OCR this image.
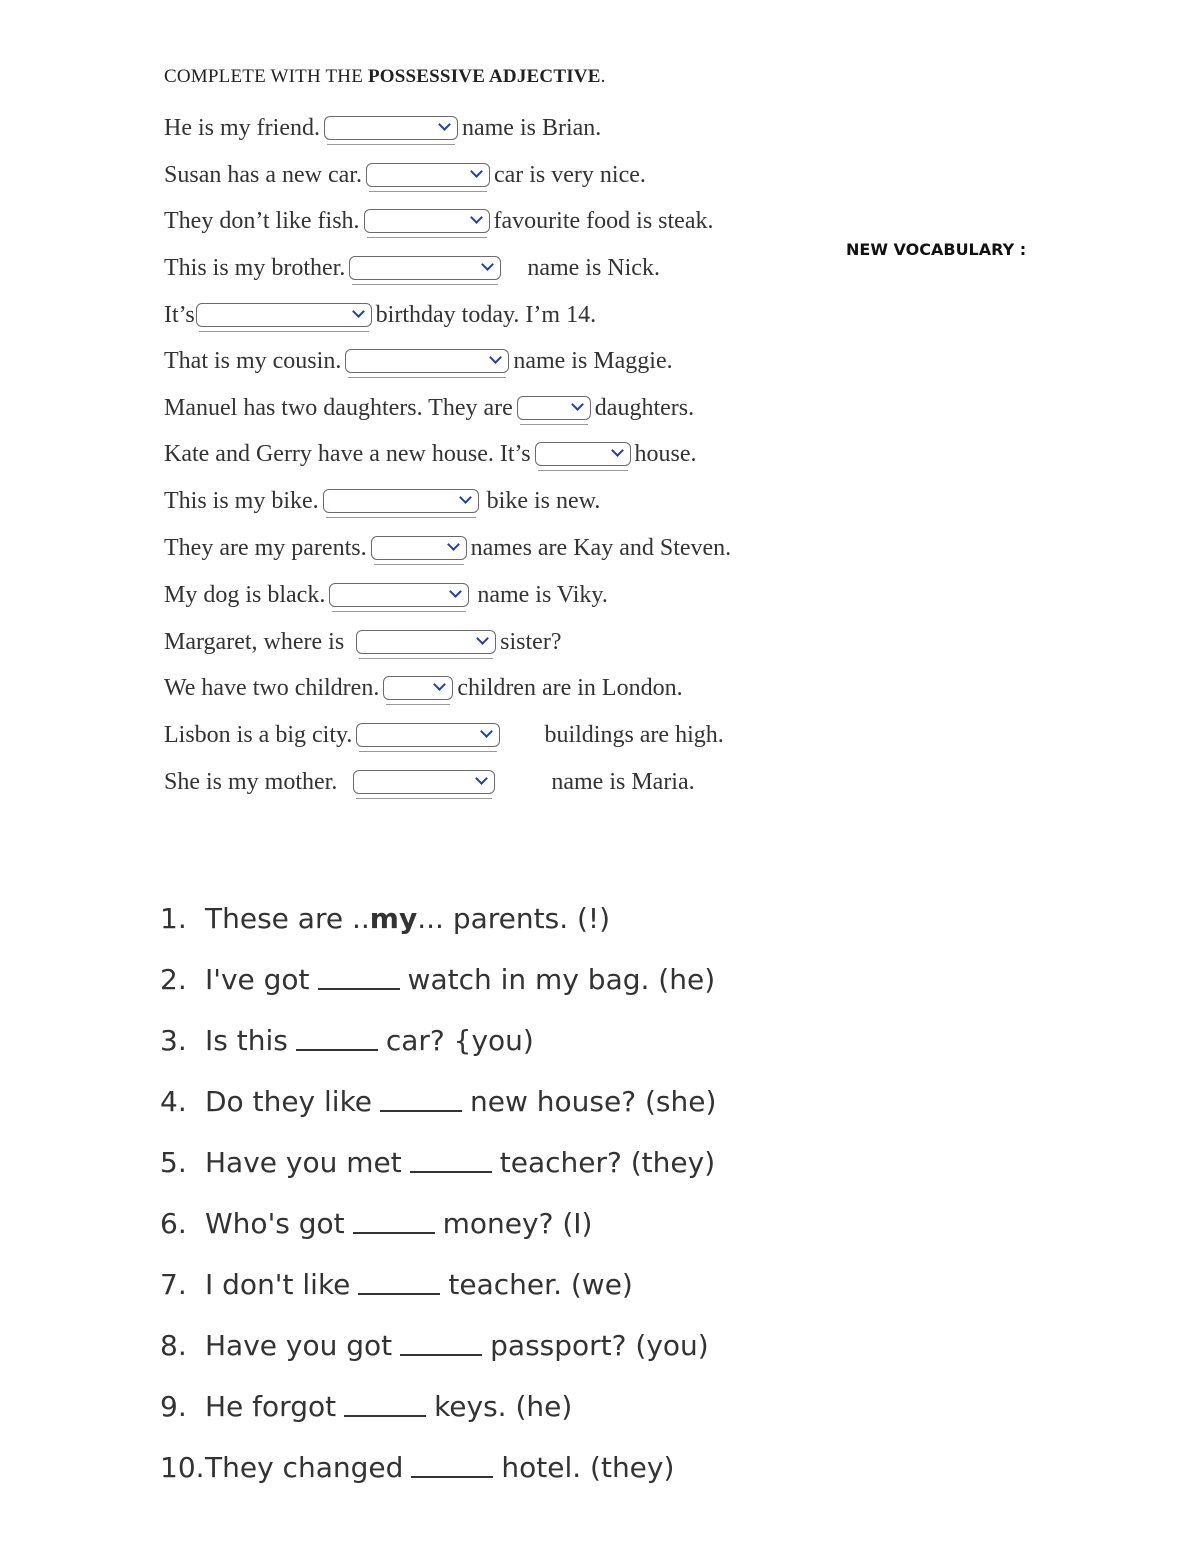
COMPLETE WITH THE POSSESSIVE ADJECTIVE.
NEW VOCABULARY :
He is my friend.	name is Brian.
Susan has a new car.	car is very nice.
They don’t like fish.	favourite food is steak.
This is my brother.	name is Nick.
It’s	birthday today. I’m 14.
That is my cousin.	name is Maggie.
Manuel has two daughters. They are	daughters.
Kate and Gerry have a new house. It’s	house.
This is my bike.	bike is new.
They are my parents.	names are Kay and Steven.
My dog is black.	name is Viky.
Margaret, where is	sister?
We have two children.	children are in London.
Lisbon is a big city.	buildings are high.
She is my mother.	name is Maria.
1. These are .. my ... parents. (!)
2. I've got	watch in my bag. (he)
3. Is this	car? {you)
4. Do they like	new house? (she)
5. Have you met	teacher? (they)
6. Who's got	money? (I)
7. I don't like	teacher. (we)
8. Have you got	passport? (you)
9. He forgot	keys. (he)
10. They changed	hotel. (they)
